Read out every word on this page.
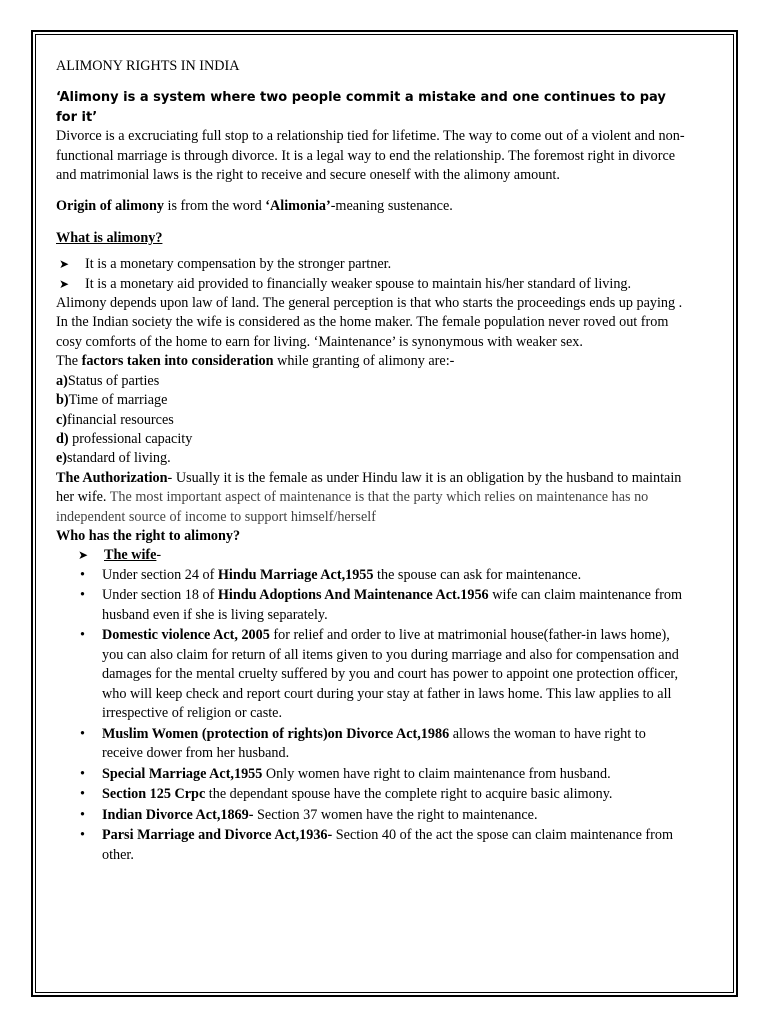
ALIMONY RIGHTS IN INDIA

‘Alimony is a system where two people commit a mistake and one continues to pay for it’

Divorce is a excruciating full stop to a relationship tied for lifetime. The way to come out of a violent and non-functional marriage is through divorce. It is a legal way to end the relationship. The foremost right in divorce and matrimonial laws is the right to receive and secure oneself with the alimony amount.

Origin of alimony is from the word ‘Alimonia’-meaning sustenance.

What is alimony?

➤ It is a monetary compensation by the stronger partner.
➤ It is a monetary aid provided to financially weaker spouse to maintain his/her standard of living.

Alimony depends upon law of land. The general perception is that who starts the proceedings ends up paying . In the Indian society the wife is considered as the home maker. The female population never roved out from cosy comforts of the home to earn for living. ‘Maintenance’ is synonymous with weaker sex.

The factors taken into consideration while granting of alimony are:-

a)Status of parties

b)Time of marriage

c)financial resources

d) professional capacity

e)standard of living.

The Authorization- Usually it is the female as under Hindu law it is an obligation by the husband to maintain her wife. The most important aspect of maintenance is that the party which relies on maintenance has no independent source of income to support himself/herself

Who has the right to alimony?

➤ The wife-
• Under section 24 of Hindu Marriage Act,1955 the spouse can ask for maintenance.
• Under section 18 of Hindu Adoptions And Maintenance Act.1956 wife can claim maintenance from husband even if she is living separately.
• Domestic violence Act, 2005 for relief and order to live at matrimonial house(father-in laws home), you can also claim for return of all items given to you during marriage and also for compensation and damages for the mental cruelty suffered by you and court has power to appoint one protection officer, who will keep check and report court during your stay at father in laws home. This law applies to all irrespective of religion or caste.
• Muslim Women (protection of rights)on Divorce Act,1986 allows the woman to have right to receive dower from her husband.
• Special Marriage Act,1955 Only women have right to claim maintenance from husband.
• Section 125 Crpc the dependant spouse have the complete right to acquire basic alimony.
• Indian Divorce Act,1869- Section 37 women have the right to maintenance.
• Parsi Marriage and Divorce Act,1936- Section 40 of the act the spose can claim maintenance from other.
